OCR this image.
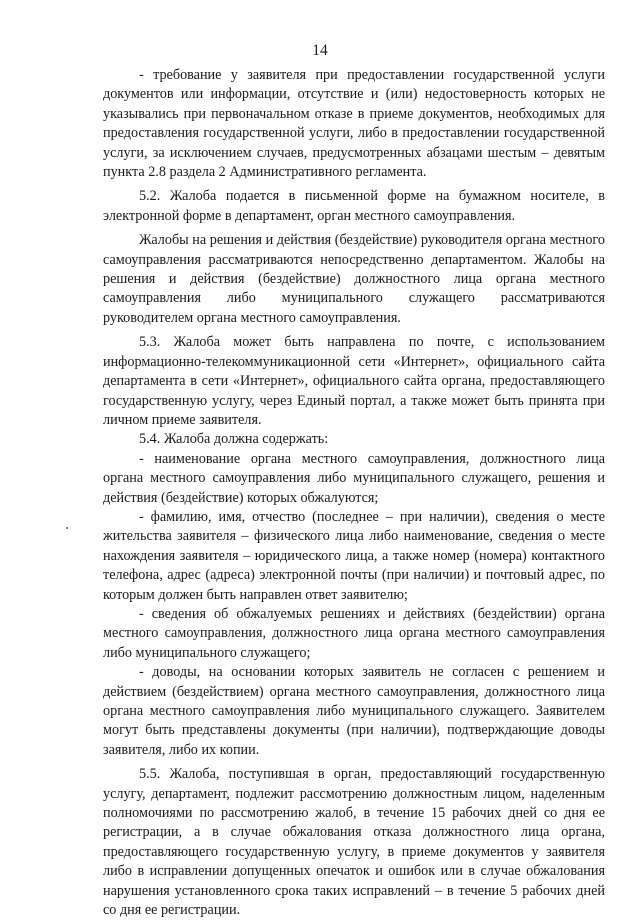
14

- требование у заявителя при предоставлении государственной услуги документов или информации, отсутствие и (или) недостоверность которых не указывались при первоначальном отказе в приеме документов, необходимых для предоставления государственной услуги, либо в предоставлении государственной услуги, за исключением случаев, предусмотренных абзацами шестым – девятым пункта 2.8 раздела 2 Административного регламента.

5.2. Жалоба подается в письменной форме на бумажном носителе, в электронной форме в департамент, орган местного самоуправления.

Жалобы на решения и действия (бездействие) руководителя органа местного самоуправления рассматриваются непосредственно департаментом. Жалобы на решения и действия (бездействие) должностного лица органа местного самоуправления либо муниципального служащего рассматриваются руководителем органа местного самоуправления.

5.3. Жалоба может быть направлена по почте, с использованием информационно-телекоммуникационной сети «Интернет», официального сайта департамента в сети «Интернет», официального сайта органа, предоставляющего государственную услугу, через Единый портал, а также может быть принята при личном приеме заявителя.

5.4. Жалоба должна содержать:

- наименование органа местного самоуправления, должностного лица органа местного самоуправления либо муниципального служащего, решения и действия (бездействие) которых обжалуются;

- фамилию, имя, отчество (последнее – при наличии), сведения о месте жительства заявителя – физического лица либо наименование, сведения о месте нахождения заявителя – юридического лица, а также номер (номера) контактного телефона, адрес (адреса) электронной почты (при наличии) и почтовый адрес, по которым должен быть направлен ответ заявителю;

- сведения об обжалуемых решениях и действиях (бездействии) органа местного самоуправления, должностного лица органа местного самоуправления либо муниципального служащего;

- доводы, на основании которых заявитель не согласен с решением и действием (бездействием) органа местного самоуправления, должностного лица органа местного самоуправления либо муниципального служащего. Заявителем могут быть представлены документы (при наличии), подтверждающие доводы заявителя, либо их копии.

5.5. Жалоба, поступившая в орган, предоставляющий государственную услугу, департамент, подлежит рассмотрению должностным лицом, наделенным полномочиями по рассмотрению жалоб, в течение 15 рабочих дней со дня ее регистрации, а в случае обжалования отказа должностного лица органа, предоставляющего государственную услугу, в приеме документов у заявителя либо в исправлении допущенных опечаток и ошибок или в случае обжалования нарушения установленного срока таких исправлений – в течение 5 рабочих дней со дня ее регистрации.
